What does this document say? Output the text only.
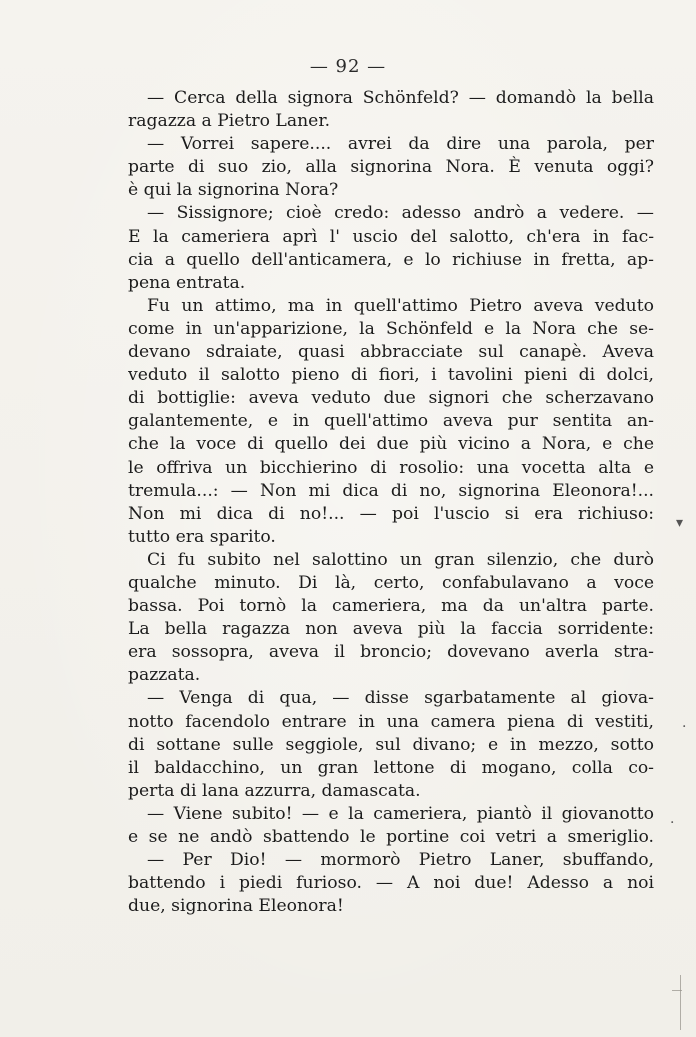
— 92 —
— Cerca della signora Schönfeld? — domandò la bella
ragazza a Pietro Laner.
— Vorrei sapere.... avrei da dire una parola, per
parte di suo zio, alla signorina Nora. È venuta oggi?
è qui la signorina Nora?
— Sissignore; cioè credo: adesso andrò a vedere. —
E la cameriera aprì l' uscio del salotto, ch'era in fac-
cia a quello dell'anticamera, e lo richiuse in fretta, ap-
pena entrata.
Fu un attimo, ma in quell'attimo Pietro aveva veduto
come in un'apparizione, la Schönfeld e la Nora che se-
devano sdraiate, quasi abbracciate sul canapè. Aveva
veduto il salotto pieno di fiori, i tavolini pieni di dolci,
di bottiglie: aveva veduto due signori che scherzavano
galantemente, e in quell'attimo aveva pur sentita an-
che la voce di quello dei due più vicino a Nora, e che
le offriva un bicchierino di rosolio: una vocetta alta e
tremula...: — Non mi dica di no, signorina Eleonora!...
Non mi dica di no!... — poi l'uscio si era richiuso:
tutto era sparito.
Ci fu subito nel salottino un gran silenzio, che durò
qualche minuto. Di là, certo, confabulavano a voce
bassa. Poi tornò la cameriera, ma da un'altra parte.
La bella ragazza non aveva più la faccia sorridente:
era sossopra, aveva il broncio; dovevano averla stra-
pazzata.
— Venga di qua, — disse sgarbatamente al giova-
notto facendolo entrare in una camera piena di vestiti,
di sottane sulle seggiole, sul divano; e in mezzo, sotto
il baldacchino, un gran lettone di mogano, colla co-
perta di lana azzurra, damascata.
— Viene subito! — e la cameriera, piantò il giovanotto
e se ne andò sbattendo le portine coi vetri a smeriglio.
— Per Dio! — mormorò Pietro Laner, sbuffando,
battendo i piedi furioso. — A noi due! Adesso a noi
due, signorina Eleonora!
▾
·
·
